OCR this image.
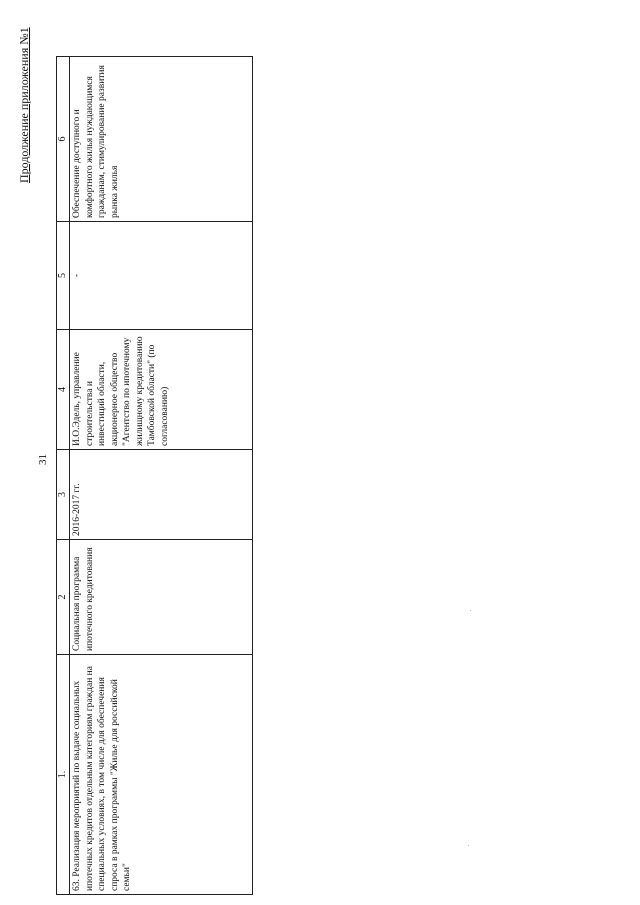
Продолжение приложения №1
31
1.	2	3	4	5	6
63. Реализация мероприятий по выдаче социальных ипотечных кредитов отдельным категориям граждан на специальных условиях, в том числе для обеспечения спроса в рамках программы "Жилье для российской семьи"	Социальная программа ипотечного кредитования	2016-2017 гг.	И.О.Эдель, управление строительства и инвестиций области, акционерное общество "Агентство по ипотечному жилищному кредитованию Тамбовской области" (по согласованию)	-	Обеспечение доступного и комфортного жилья нуждающимся гражданам, стимулирование развития рынка жилья
